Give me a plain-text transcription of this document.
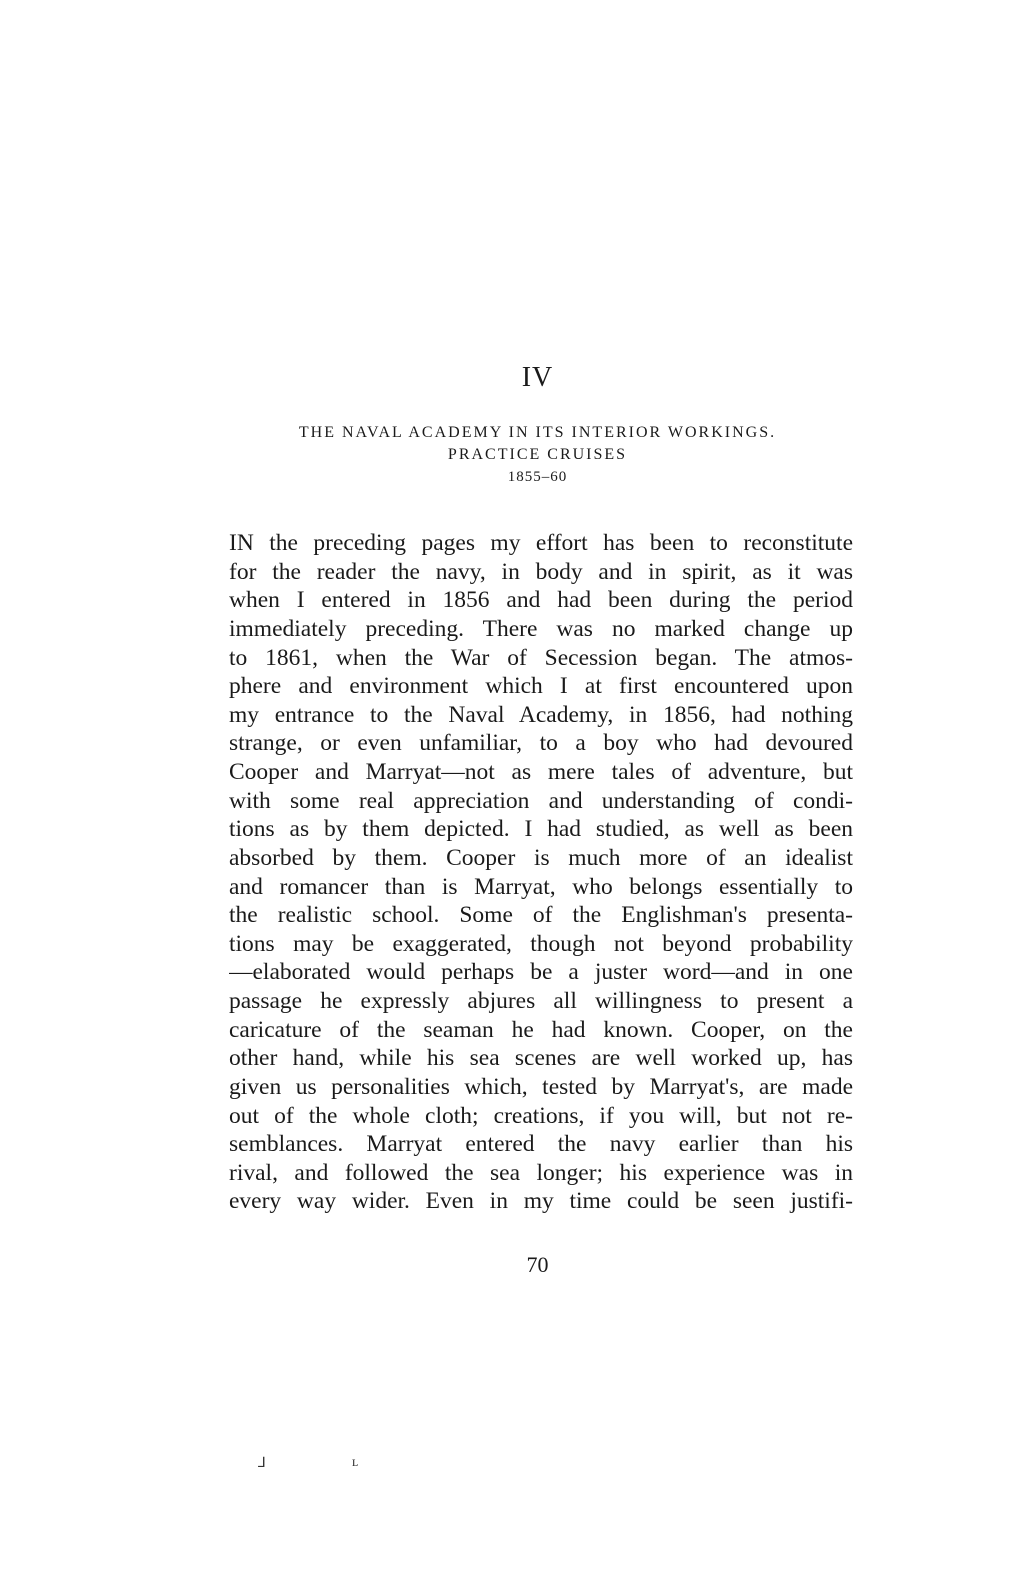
IV
THE NAVAL ACADEMY IN ITS INTERIOR WORKINGS.
PRACTICE CRUISES
1855–60
IN the preceding pages my effort has been to reconstitute
for the reader the navy, in body and in spirit, as it was
when I entered in 1856 and had been during the period
immediately preceding. There was no marked change up
to 1861, when the War of Secession began. The atmos-
phere and environment which I at first encountered upon
my entrance to the Naval Academy, in 1856, had nothing
strange, or even unfamiliar, to a boy who had devoured
Cooper and Marryat—not as mere tales of adventure, but
with some real appreciation and understanding of condi-
tions as by them depicted. I had studied, as well as been
absorbed by them. Cooper is much more of an idealist
and romancer than is Marryat, who belongs essentially to
the realistic school. Some of the Englishman's presenta-
tions may be exaggerated, though not beyond probability
—elaborated would perhaps be a juster word—and in one
passage he expressly abjures all willingness to present a
caricature of the seaman he had known. Cooper, on the
other hand, while his sea scenes are well worked up, has
given us personalities which, tested by Marryat's, are made
out of the whole cloth; creations, if you will, but not re-
semblances. Marryat entered the navy earlier than his
rival, and followed the sea longer; his experience was in
every way wider. Even in my time could be seen justifi-
70
⅃	ʟ
